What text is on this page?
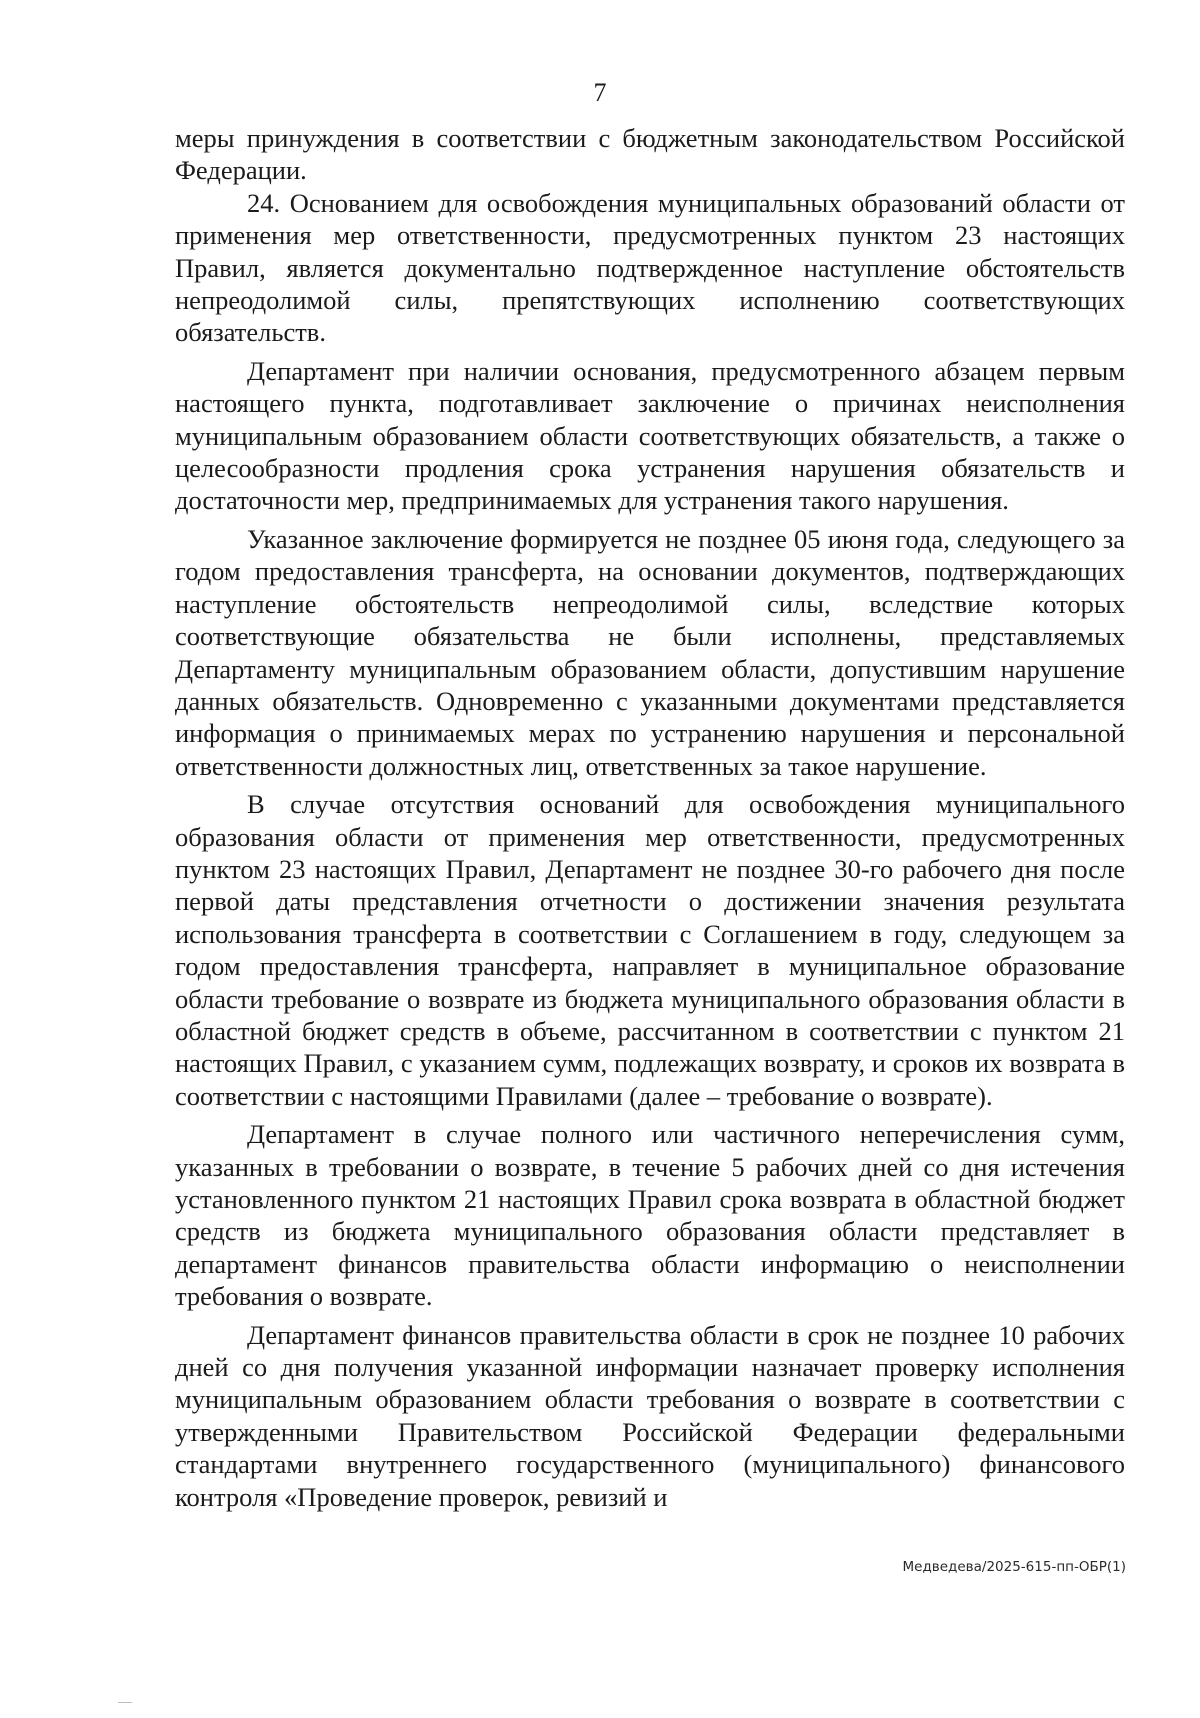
7

меры принуждения в соответствии с бюджетным законодательством Российской Федерации.

24. Основанием для освобождения муниципальных образований области от применения мер ответственности, предусмотренных пунктом 23 настоящих Правил, является документально подтвержденное наступление обстоятельств непреодолимой силы, препятствующих исполнению соответствующих обязательств.

Департамент при наличии основания, предусмотренного абзацем первым настоящего пункта, подготавливает заключение о причинах неисполнения муниципальным образованием области соответствующих обязательств, а также о целесообразности продления срока устранения нарушения обязательств и достаточности мер, предпринимаемых для устранения такого нарушения.

Указанное заключение формируется не позднее 05 июня года, следующего за годом предоставления трансферта, на основании документов, подтверждающих наступление обстоятельств непреодолимой силы, вследствие которых соответствующие обязательства не были исполнены, представляемых Департаменту муниципальным образованием области, допустившим нарушение данных обязательств. Одновременно с указанными документами представляется информация о принимаемых мерах по устранению нарушения и персональной ответственности должностных лиц, ответственных за такое нарушение.

В случае отсутствия оснований для освобождения муниципального образования области от применения мер ответственности, предусмотренных пунктом 23 настоящих Правил, Департамент не позднее 30-го рабочего дня после первой даты представления отчетности о достижении значения результата использования трансферта в соответствии с Соглашением в году, следующем за годом предоставления трансферта, направляет в муниципальное образование области требование о возврате из бюджета муниципального образования области в областной бюджет средств в объеме, рассчитанном в соответствии с пунктом 21 настоящих Правил, с указанием сумм, подлежащих возврату, и сроков их возврата в соответствии с настоящими Правилами (далее – требование о возврате).

Департамент в случае полного или частичного неперечисления сумм, указанных в требовании о возврате, в течение 5 рабочих дней со дня истечения установленного пунктом 21 настоящих Правил срока возврата в областной бюджет средств из бюджета муниципального образования области представляет в департамент финансов правительства области информацию о неисполнении требования о возврате.

Департамент финансов правительства области в срок не позднее 10 рабочих дней со дня получения указанной информации назначает проверку исполнения муниципальным образованием области требования о возврате в соответствии с утвержденными Правительством Российской Федерации федеральными стандартами внутреннего государственного (муниципального) финансового контроля «Проведение проверок, ревизий и

Медведева/2025-615-пп-ОБР(1)
